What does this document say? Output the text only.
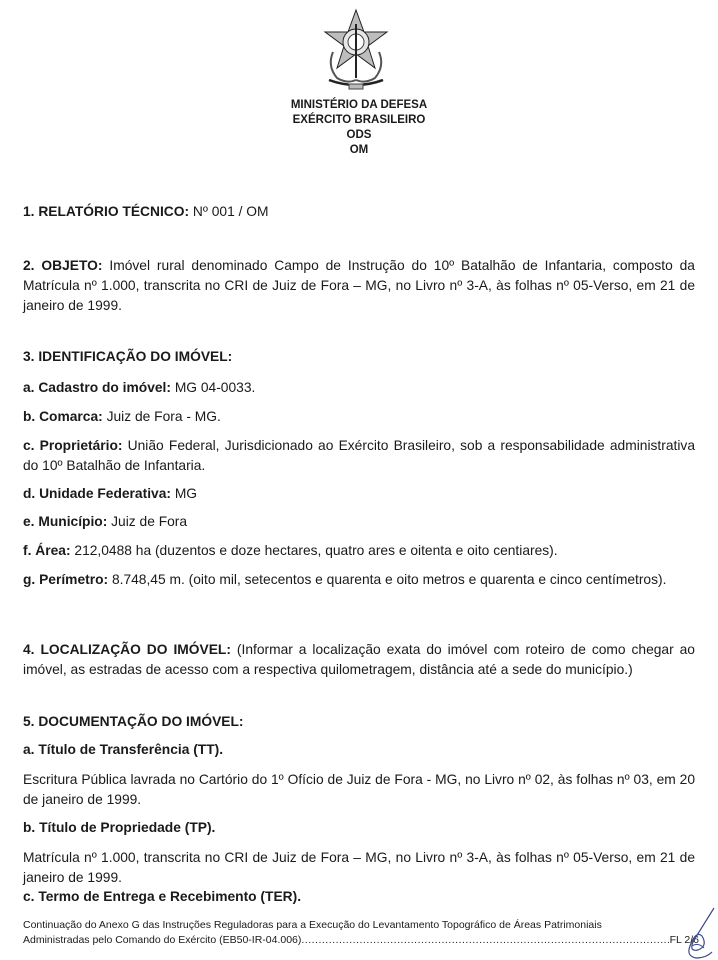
MINISTÉRIO DA DEFESA
EXÉRCITO BRASILEIRO
ODS
OM
1. RELATÓRIO TÉCNICO: Nº 001 / OM
2. OBJETO: Imóvel rural denominado Campo de Instrução do 10º Batalhão de Infantaria, composto da Matrícula nº 1.000, transcrita no CRI de Juiz de Fora – MG, no Livro nº 3-A, às folhas nº 05-Verso, em 21 de janeiro de 1999.
3. IDENTIFICAÇÃO DO IMÓVEL:
a. Cadastro do imóvel: MG 04-0033.
b. Comarca: Juiz de Fora - MG.
c. Proprietário: União Federal, Jurisdicionado ao Exército Brasileiro, sob a responsabilidade administrativa do 10º Batalhão de Infantaria.
d. Unidade Federativa: MG
e. Município: Juiz de Fora
f. Área: 212,0488 ha (duzentos e doze hectares, quatro ares e oitenta e oito centiares).
g. Perímetro: 8.748,45 m. (oito mil, setecentos e quarenta e oito metros e quarenta e cinco centímetros).
4. LOCALIZAÇÃO DO IMÓVEL: (Informar a localização exata do imóvel com roteiro de como chegar ao imóvel, as estradas de acesso com a respectiva quilometragem, distância até a sede do município.)
5. DOCUMENTAÇÃO DO IMÓVEL:
a. Título de Transferência (TT).
Escritura Pública lavrada no Cartório do 1º Ofício de Juiz de Fora - MG, no Livro nº 02, às folhas nº 03, em 20 de janeiro de 1999.
b. Título de Propriedade (TP).
Matrícula nº 1.000, transcrita no CRI de Juiz de Fora – MG, no Livro nº 3-A, às folhas nº 05-Verso, em 21 de janeiro de 1999.
c. Termo de Entrega e Recebimento (TER).
Continuação do Anexo G das Instruções Reguladoras para a Execução do Levantamento Topográfico de Áreas Patrimoniais
Administradas pelo Comando do Exército (EB50-IR-04.006)
.....	FL 2/6
